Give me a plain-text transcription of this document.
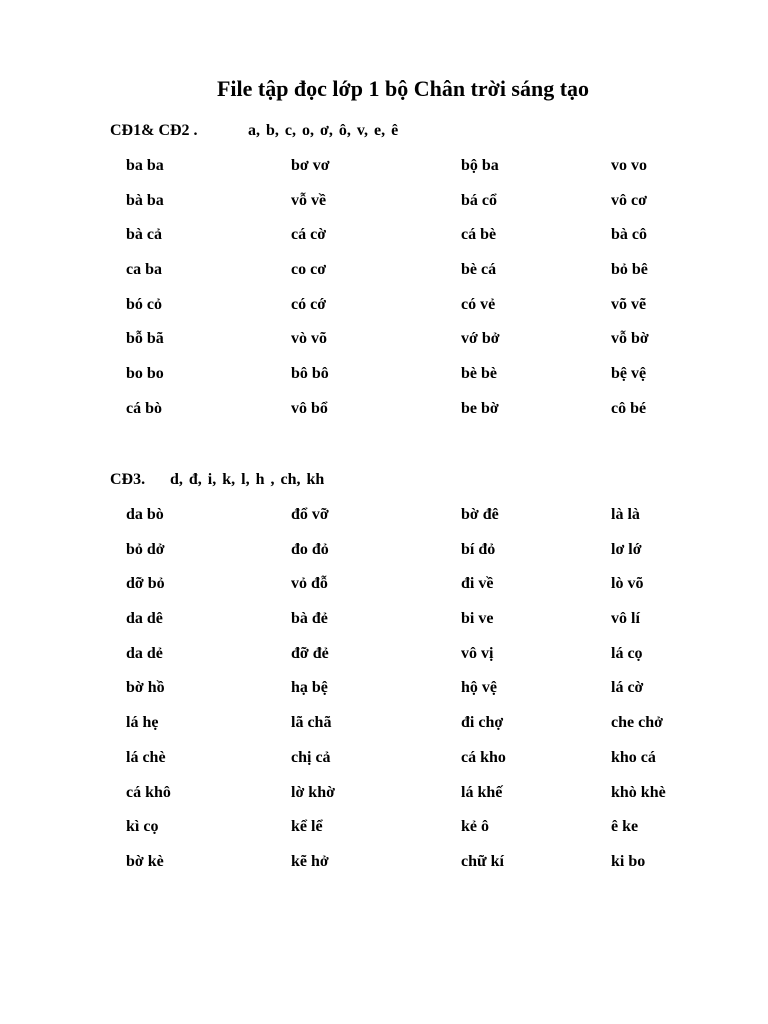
File tập đọc lớp 1 bộ Chân trời sáng tạo
CĐ1& CĐ2 .	a, b, c, o, ơ, ô, v, e, ê
ba ba	bơ vơ	bộ ba	vo vo
bà ba	vỗ về	bá cổ	vô cơ
bà cả	cá cờ	cá bè	bà cô
ca ba	co cơ	bè cá	bỏ bê
bó cỏ	có cớ	có vẻ	võ vẽ
bỗ bã	vò võ	vớ bở	vỗ bờ
bo bo	bô bô	bè bè	bệ vệ
cá bò	vô bổ	be bờ	cô bé
CĐ3. d, đ, i, k, l, h , ch, kh
da bò	đổ vỡ	bờ đê	là là
bỏ dở	đo đỏ	bí đỏ	lơ lớ
dỡ bỏ	vỏ đỗ	đi về	lò võ
da dê	bà đẻ	bi ve	vô lí
da dẻ	đỡ đẻ	vô vị	lá cọ
bờ hồ	hạ bệ	hộ vệ	lá cờ
lá hẹ	lã chã	đi chợ	che chở
lá chè	chị cả	cá kho	kho cá
cá khô	lờ khờ	lá khế	khò khè
kì cọ	kể lể	kẻ ô	ê ke
bờ kè	kẽ hở	chữ kí	ki bo
